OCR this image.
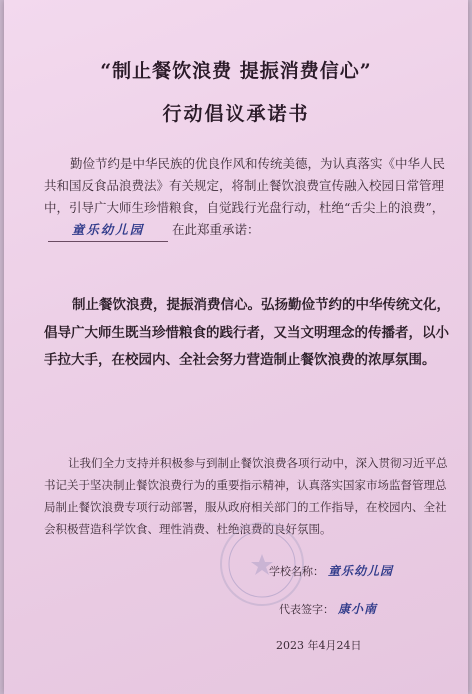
“制止餐饮浪费 提振消费信心”
行动倡议承诺书
勤俭节约是中华民族的优良作风和传统美德，为认真落实《中华人民共和国反食品浪费法》有关规定，将制止餐饮浪费宣传融入校园日常管理中，引导广大师生珍惜粮食，自觉践行光盘行动，杜绝“舌尖上的浪费”，童乐幼儿园 在此郑重承诺：
制止餐饮浪费，提振消费信心。弘扬勤俭节约的中华传统文化，倡导广大师生既当珍惜粮食的践行者，又当文明理念的传播者，以小手拉大手，在校园内、全社会努力营造制止餐饮浪费的浓厚氛围。
让我们全力支持并积极参与到制止餐饮浪费各项行动中，深入贯彻习近平总书记关于坚决制止餐饮浪费行为的重要指示精神，认真落实国家市场监督管理总局制止餐饮浪费专项行动部署，服从政府相关部门的工作指导，在校园内、全社会积极营造科学饮食、理性消费、杜绝浪费的良好氛围。
学校名称： 童乐幼儿园
代表签字： 康小南
2023 年4月24日
